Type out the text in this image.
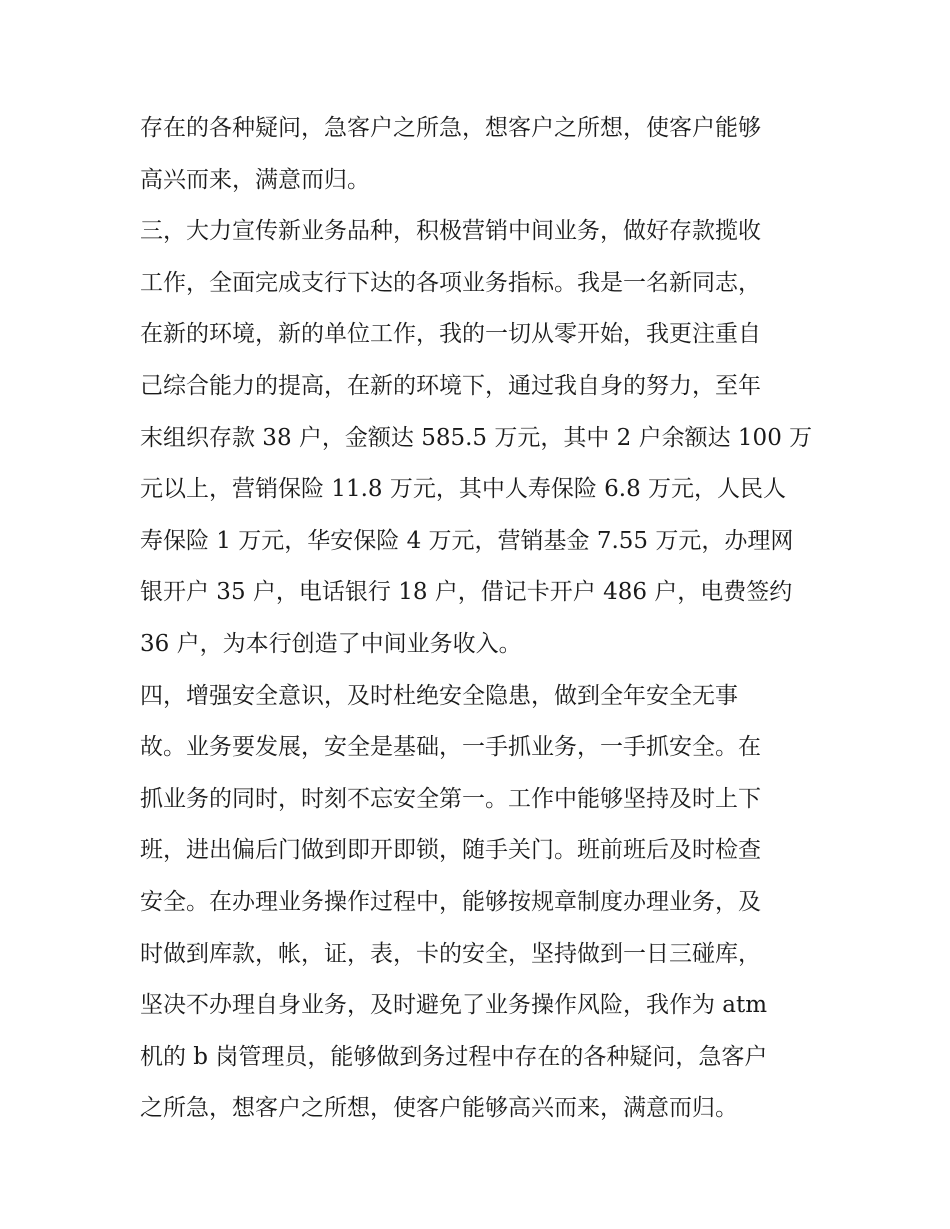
存在的各种疑问，急客户之所急，想客户之所想，使客户能够
高兴而来，满意而归。
三，大力宣传新业务品种，积极营销中间业务，做好存款揽收
工作，全面完成支行下达的各项业务指标。我是一名新同志，
在新的环境，新的单位工作，我的一切从零开始，我更注重自
己综合能力的提高，在新的环境下，通过我自身的努力，至年
末组织存款 38 户，金额达 585.5 万元，其中 2 户余额达 100 万
元以上，营销保险 11.8 万元，其中人寿保险 6.8 万元，人民人
寿保险 1 万元，华安保险 4 万元，营销基金 7.55 万元，办理网
银开户 35 户，电话银行 18 户，借记卡开户 486 户，电费签约
36 户，为本行创造了中间业务收入。
四，增强安全意识，及时杜绝安全隐患，做到全年安全无事
故。业务要发展，安全是基础，一手抓业务，一手抓安全。在
抓业务的同时，时刻不忘安全第一。工作中能够坚持及时上下
班，进出偏后门做到即开即锁，随手关门。班前班后及时检查
安全。在办理业务操作过程中，能够按规章制度办理业务，及
时做到库款，帐，证，表，卡的安全，坚持做到一日三碰库，
坚决不办理自身业务，及时避免了业务操作风险，我作为 atm
机的 b 岗管理员，能够做到务过程中存在的各种疑问，急客户
之所急，想客户之所想，使客户能够高兴而来，满意而归。
